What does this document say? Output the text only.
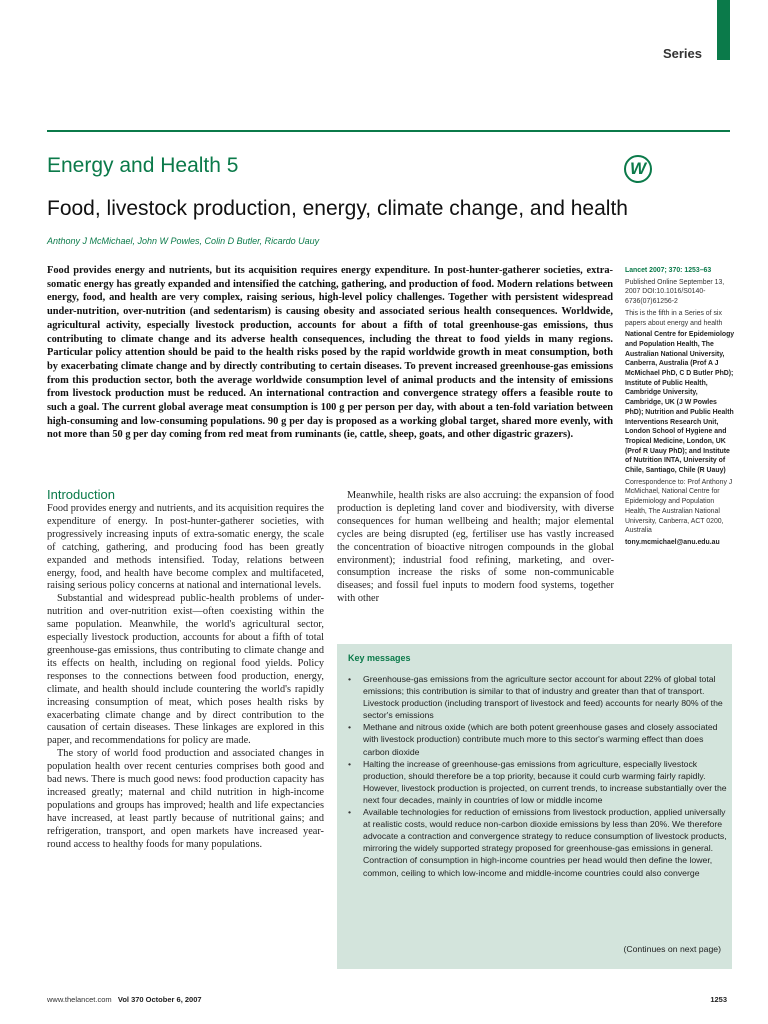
Series
Energy and Health 5	W
Food, livestock production, energy, climate change, and health
Anthony J McMichael, John W Powles, Colin D Butler, Ricardo Uauy

Food provides energy and nutrients, but its acquisition requires energy expenditure. In post-hunter-gatherer societies, extra-somatic energy has greatly expanded and intensified the catching, gathering, and production of food. Modern relations between energy, food, and health are very complex, raising serious, high-level policy challenges. Together with persistent widespread under-nutrition, over-nutrition (and sedentarism) is causing obesity and associated serious health consequences. Worldwide, agricultural activity, especially livestock production, accounts for about a fifth of total greenhouse-gas emissions, thus contributing to climate change and its adverse health consequences, including the threat to food yields in many regions. Particular policy attention should be paid to the health risks posed by the rapid worldwide growth in meat consumption, both by exacerbating climate change and by directly contributing to certain diseases. To prevent increased greenhouse-gas emissions from this production sector, both the average worldwide consumption level of animal products and the intensity of emissions from livestock production must be reduced. An international contraction and convergence strategy offers a feasible route to such a goal. The current global average meat consumption is 100 g per person per day, with about a ten-fold variation between high-consuming and low-consuming populations. 90 g per day is proposed as a working global target, shared more evenly, with not more than 50 g per day coming from red meat from ruminants (ie, cattle, sheep, goats, and other digastric grazers).

Lancet 2007; 370: 1253–63

Published Online September 13, 2007 DOI:10.1016/S0140-6736(07)61256-2

This is the fifth in a Series of six papers about energy and health

National Centre for Epidemiology and Population Health, The Australian National University, Canberra, Australia (Prof A J McMichael PhD, C D Butler PhD); Institute of Public Health, Cambridge University, Cambridge, UK (J W Powles PhD); Nutrition and Public Health Interventions Research Unit, London School of Hygiene and Tropical Medicine, London, UK (Prof R Uauy PhD); and Institute of Nutrition INTA, University of Chile, Santiago, Chile (R Uauy)

Correspondence to: Prof Anthony J McMichael, National Centre for Epidemiology and Population Health, The Australian National University, Canberra, ACT 0200, Australia

tony.mcmichael@anu.edu.au

Introduction

Food provides energy and nutrients, and its acquisition requires the expenditure of energy. In post-hunter-gatherer societies, with progressively increasing inputs of extra-somatic energy, the scale of catching, gathering, and producing food has been greatly expanded and methods intensified. Today, relations between energy, food, and health have become complex and multifaceted, raising serious policy concerns at national and international levels.

Substantial and widespread public-health problems of under-nutrition and over-nutrition exist—often coexisting within the same population. Meanwhile, the world's agricultural sector, especially livestock production, accounts for about a fifth of total greenhouse-gas emissions, thus contributing to climate change and its effects on health, including on regional food yields. Policy responses to the connections between food production, energy, climate, and health should include countering the world's rapidly increasing consumption of meat, which poses health risks by exacerbating climate change and by direct contribution to the causation of certain diseases. These linkages are explored in this paper, and recommendations for policy are made.

The story of world food production and associated changes in population health over recent centuries comprises both good and bad news. There is much good news: food production capacity has increased greatly; maternal and child nutrition in high-income populations and groups has improved; health and life expectancies have increased, at least partly because of nutritional gains; and refrigeration, transport, and open markets have increased year-round access to healthy foods for many populations.

Meanwhile, health risks are also accruing: the expansion of food production is depleting land cover and biodiversity, with diverse consequences for human wellbeing and health; major elemental cycles are being disrupted (eg, fertiliser use has vastly increased the concentration of bioactive nitrogen compounds in the global environment); industrial food refining, marketing, and over-consumption increase the risks of some non-communicable diseases; and fossil fuel inputs to modern food systems, together with other

Key messages
• Greenhouse-gas emissions from the agriculture sector account for about 22% of global total emissions; this contribution is similar to that of industry and greater than that of transport. Livestock production (including transport of livestock and feed) accounts for nearly 80% of the sector's emissions
• Methane and nitrous oxide (which are both potent greenhouse gases and closely associated with livestock production) contribute much more to this sector's warming effect than does carbon dioxide
• Halting the increase of greenhouse-gas emissions from agriculture, especially livestock production, should therefore be a top priority, because it could curb warming fairly rapidly. However, livestock production is projected, on current trends, to increase substantially over the next four decades, mainly in countries of low or middle income
• Available technologies for reduction of emissions from livestock production, applied universally at realistic costs, would reduce non-carbon dioxide emissions by less than 20%. We therefore advocate a contraction and convergence strategy to reduce consumption of livestock products, mirroring the widely supported strategy proposed for greenhouse-gas emissions in general. Contraction of consumption in high-income countries per head would then define the lower, common, ceiling to which low-income and middle-income countries could also converge
(Continues on next page)
www.thelancet.com Vol 370 October 6, 2007	1253
